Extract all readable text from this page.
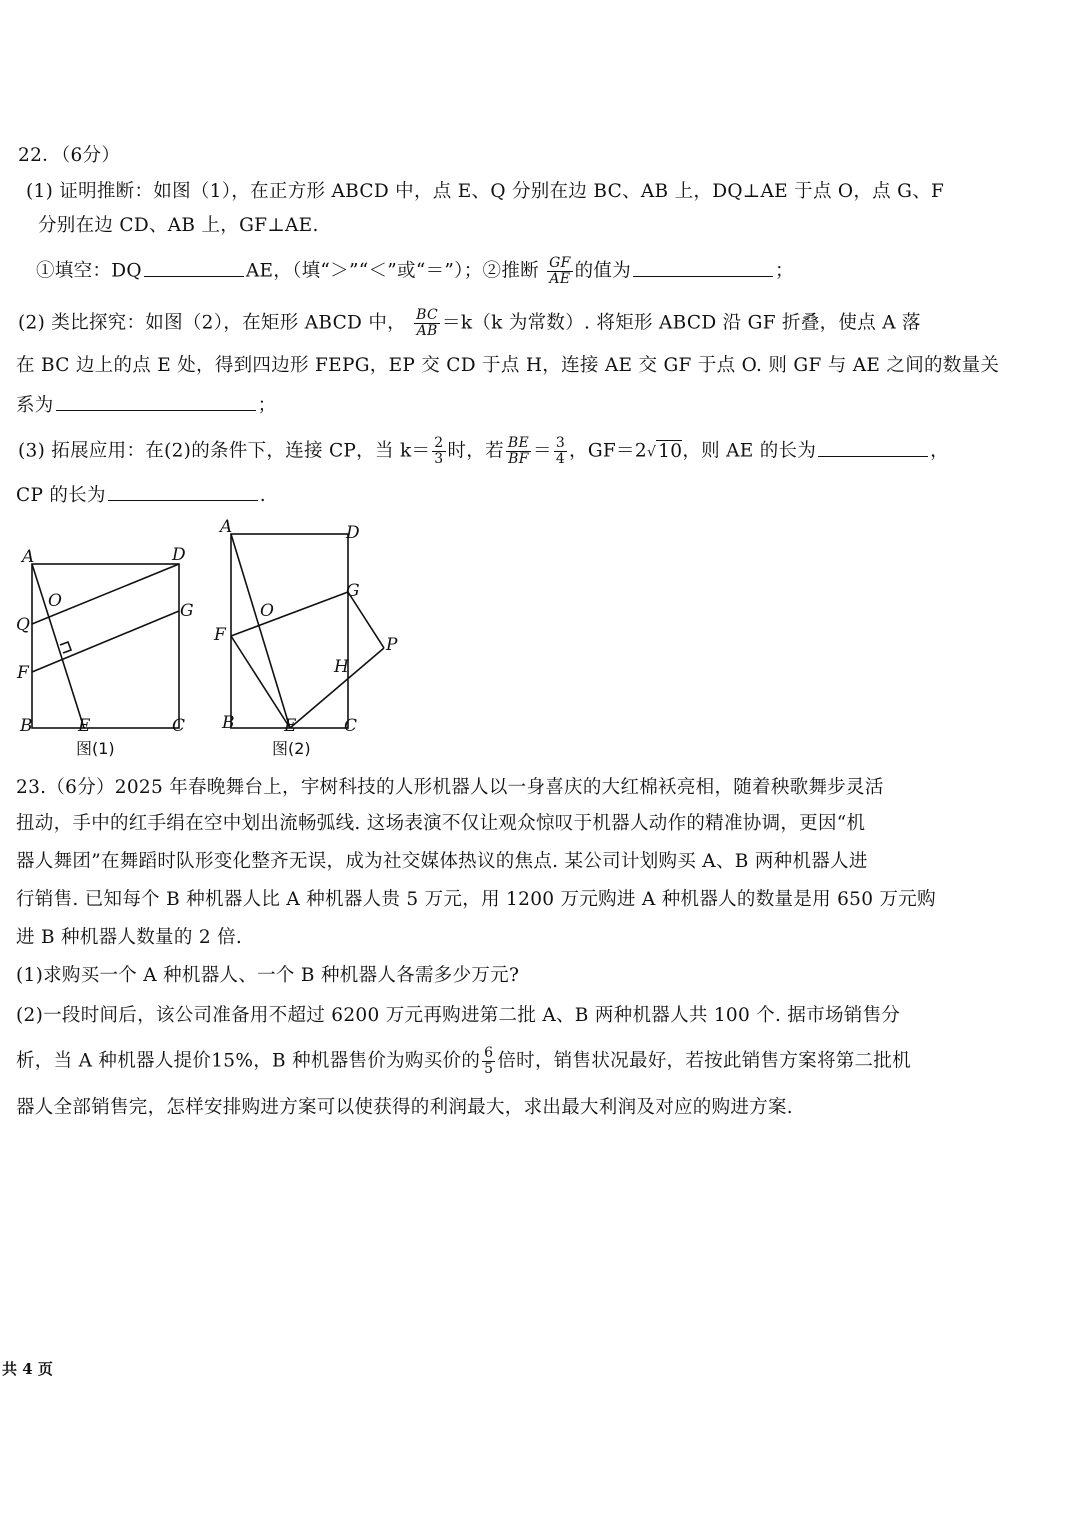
22．（6分）
(1) 证明推断：如图（1），在正方形 ABCD 中，点 E、Q 分别在边 BC、AB 上，DQ⊥AE 于点 O，点 G、F
分别在边 CD、AB 上，GF⊥AE.
①填空：DQ	AE，（填“＞”“＜”或“＝”）；②推断 $\frac{GF}{AE}$ 的值为	；
(2) 类比探究：如图（2），在矩形 ABCD 中， $\frac{BC}{AB} =k(k$ 为常数）. 将矩形 ABCD 沿 GF 折叠，使点 A 落
在 BC 边上的点 E 处，得到四边形 FEPG，EP 交 CD 于点 H，连接 AE 交 GF 于点 O. 则 GF 与 AE 之间的数量关
系为	；
(3) 拓展应用：在(2)的条件下，连接 CP，当 $k= \frac{2}{3}$ 时，若 $\frac{BE}{BF} = \frac{3}{4}$ ，GF＝2√ 10，则 AE 的长为	，
CP 的长为	.
A	D
Q
O	G
F
B	E	C
图(1)
A	D
O
G
F	P
H
B	E	C
图(2)
23.（6分）2025 年春晚舞台上，宇树科技的人形机器人以一身喜庆的大红棉袄亮相，随着秧歌舞步灵活
扭动，手中的红手绢在空中划出流畅弧线. 这场表演不仅让观众惊叹于机器人动作的精准协调，更因“机
器人舞团”在舞蹈时队形变化整齐无误，成为社交媒体热议的焦点. 某公司计划购买 A、B 两种机器人进
行销售. 已知每个 B 种机器人比 A 种机器人贵 5 万元，用 1200 万元购进 A 种机器人的数量是用 650 万元购
进 B 种机器人数量的 2 倍.
(1)求购买一个 A 种机器人、一个 B 种机器人各需多少万元?
(2)一段时间后，该公司准备用不超过 6200 万元再购进第二批 A、B 两种机器人共 100 个. 据市场销售分
析，当 A 种机器人提价15%，B 种机器售价为购买价的 $\frac{6}{5}$ 倍时，销售状况最好，若按此销售方案将第二批机
器人全部销售完，怎样安排购进方案可以使获得的利润最大，求出最大利润及对应的购进方案.
共 4 页
